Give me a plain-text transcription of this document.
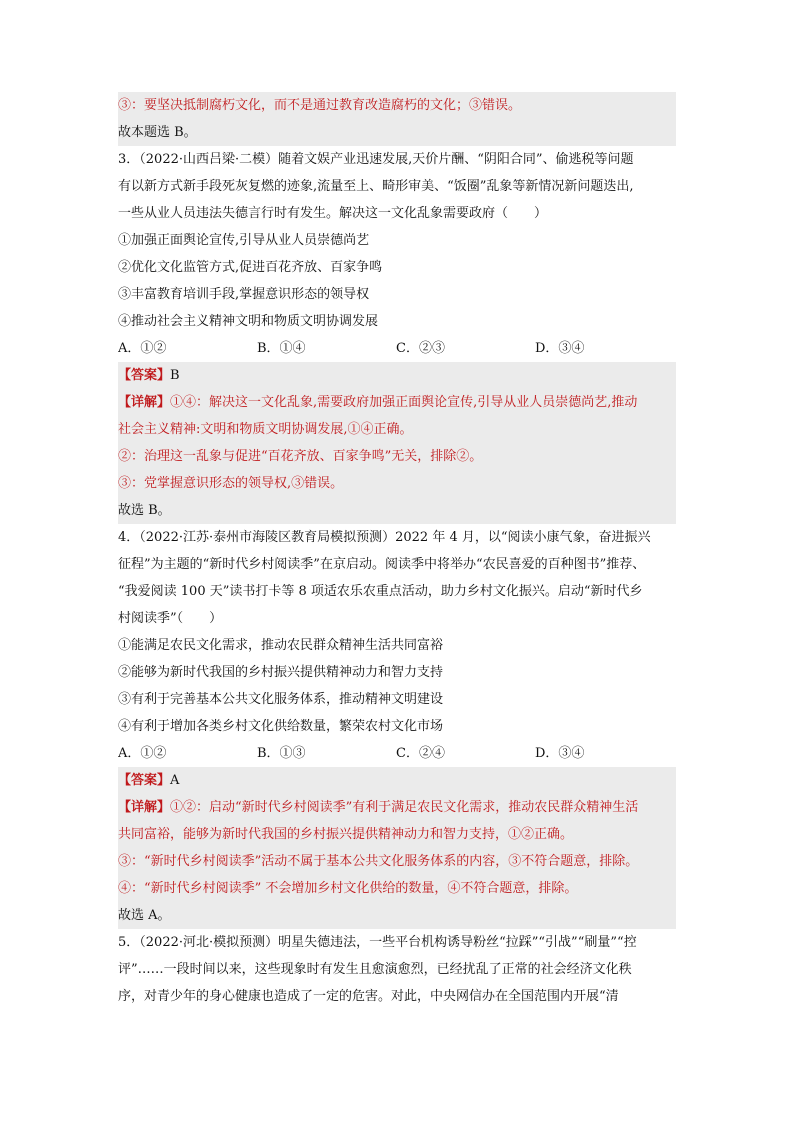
③：要坚决抵制腐朽文化，而不是通过教育改造腐朽的文化；③错误。
故本题选 B。
3．（2022·山西吕梁·二模）随着文娱产业迅速发展,天价片酬、“阴阳合同”、偷逃税等问题
有以新方式新手段死灰复燃的迹象,流量至上、畸形审美、“饭圈”乱象等新情况新问题迭出,
一些从业人员违法失德言行时有发生。解决这一文化乱象需要政府（　　）
①加强正面舆论宣传,引导从业人员崇德尚艺
②优化文化监管方式,促进百花齐放、百家争鸣
③丰富教育培训手段,掌握意识形态的领导权
④推动社会主义精神文明和物质文明协调发展
A．①②	B．①④	C．②③	D．③④
【答案】B
【详解】①④：解决这一文化乱象,需要政府加强正面舆论宣传,引导从业人员崇德尚艺,推动
社会主义精神:文明和物质文明协调发展,①④正确。
②：治理这一乱象与促进“百花齐放、百家争鸣”无关，排除②。
③：党掌握意识形态的领导权,③错误。
故选 B。
4．（2022·江苏·泰州市海陵区教育局模拟预测）2022 年 4 月，以“阅读小康气象，奋进振兴
征程”为主题的“新时代乡村阅读季”在京启动。阅读季中将举办“农民喜爱的百种图书”推荐、
“我爱阅读 100 天”读书打卡等 8 项适农乐农重点活动，助力乡村文化振兴。启动“新时代乡
村阅读季”（　　）
①能满足农民文化需求，推动农民群众精神生活共同富裕
②能够为新时代我国的乡村振兴提供精神动力和智力支持
③有利于完善基本公共文化服务体系，推动精神文明建设
④有利于增加各类乡村文化供给数量，繁荣农村文化市场
A．①②	B．①③	C．②④	D．③④
【答案】A
【详解】①②：启动“新时代乡村阅读季”有利于满足农民文化需求，推动农民群众精神生活
共同富裕，能够为新时代我国的乡村振兴提供精神动力和智力支持，①②正确。
③：“新时代乡村阅读季”活动不属于基本公共文化服务体系的内容，③不符合题意，排除。
④：“新时代乡村阅读季” 不会增加乡村文化供给的数量，④不符合题意，排除。
故选 A。
5．（2022·河北·模拟预测）明星失德违法，一些平台机构诱导粉丝“拉踩”“引战”“刷量”“控
评”……一段时间以来，这些现象时有发生且愈演愈烈，已经扰乱了正常的社会经济文化秩
序，对青少年的身心健康也造成了一定的危害。对此，中央网信办在全国范围内开展“清
